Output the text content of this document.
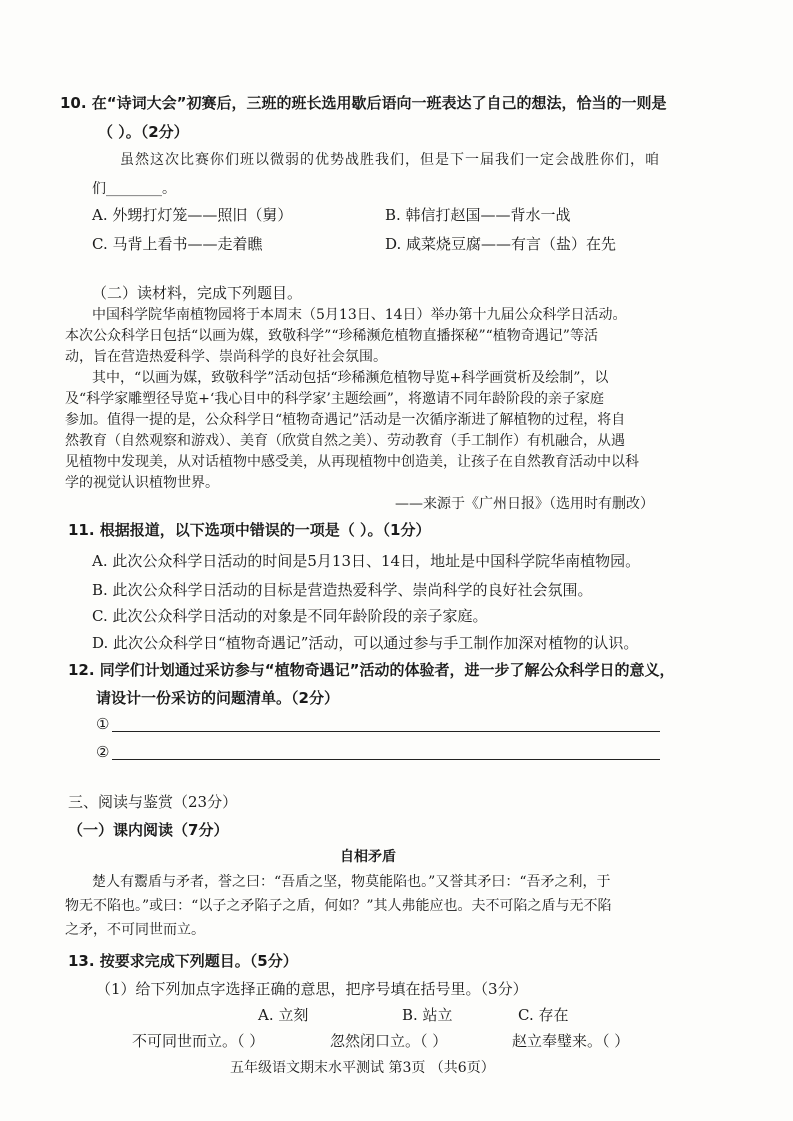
10. 在“诗词大会”初赛后，三班的班长选用歇后语向一班表达了自己的想法，恰当的一则是
（ ）。（2分）
虽然这次比赛你们班以微弱的优势战胜我们，但是下一届我们一定会战胜你们，咱
们________。
A. 外甥打灯笼——照旧（舅）	B. 韩信打赵国——背水一战
C. 马背上看书——走着瞧	D. 咸菜烧豆腐——有言（盐）在先
（二）读材料，完成下列题目。
中国科学院华南植物园将于本周末（5月13日、14日）举办第十九届公众科学日活动。
本次公众科学日包括“以画为媒，致敬科学”“珍稀濒危植物直播探秘”“植物奇遇记”等活
动，旨在营造热爱科学、崇尚科学的良好社会氛围。
其中，“以画为媒，致敬科学”活动包括“珍稀濒危植物导览+科学画赏析及绘制”，以
及“科学家雕塑径导览+‘我心目中的科学家’主题绘画”，将邀请不同年龄阶段的亲子家庭
参加。值得一提的是，公众科学日“植物奇遇记”活动是一次循序渐进了解植物的过程，将自
然教育（自然观察和游戏）、美育（欣赏自然之美）、劳动教育（手工制作）有机融合，从遇
见植物中发现美，从对话植物中感受美，从再现植物中创造美，让孩子在自然教育活动中以科
学的视觉认识植物世界。
——来源于《广州日报》（选用时有删改）
11. 根据报道，以下选项中错误的一项是（ ）。（1分）
A. 此次公众科学日活动的时间是5月13日、14日，地址是中国科学院华南植物园。
B. 此次公众科学日活动的目标是营造热爱科学、崇尚科学的良好社会氛围。
C. 此次公众科学日活动的对象是不同年龄阶段的亲子家庭。
D. 此次公众科学日“植物奇遇记”活动，可以通过参与手工制作加深对植物的认识。
12. 同学们计划通过采访参与“植物奇遇记”活动的体验者，进一步了解公众科学日的意义，
请设计一份采访的问题清单。（2分）
①
②
三、阅读与鉴赏（23分）
（一）课内阅读（7分）
自相矛盾
楚人有鬻盾与矛者，誉之曰：“吾盾之坚，物莫能陷也。”又誉其矛曰：“吾矛之利，于
物无不陷也。”或曰：“以子之矛陷子之盾，何如？”其人弗能应也。夫不可陷之盾与无不陷
之矛，不可同世而立。
13. 按要求完成下列题目。（5分）
（1）给下列加点字选择正确的意思，把序号填在括号里。（3分）
A. 立刻	B. 站立	C. 存在
不可同世而立。（ ）	忽然闭口立。（ ）	赵立奉璧来。（ ）
五年级语文期末水平测试 第3页 （共6页）
